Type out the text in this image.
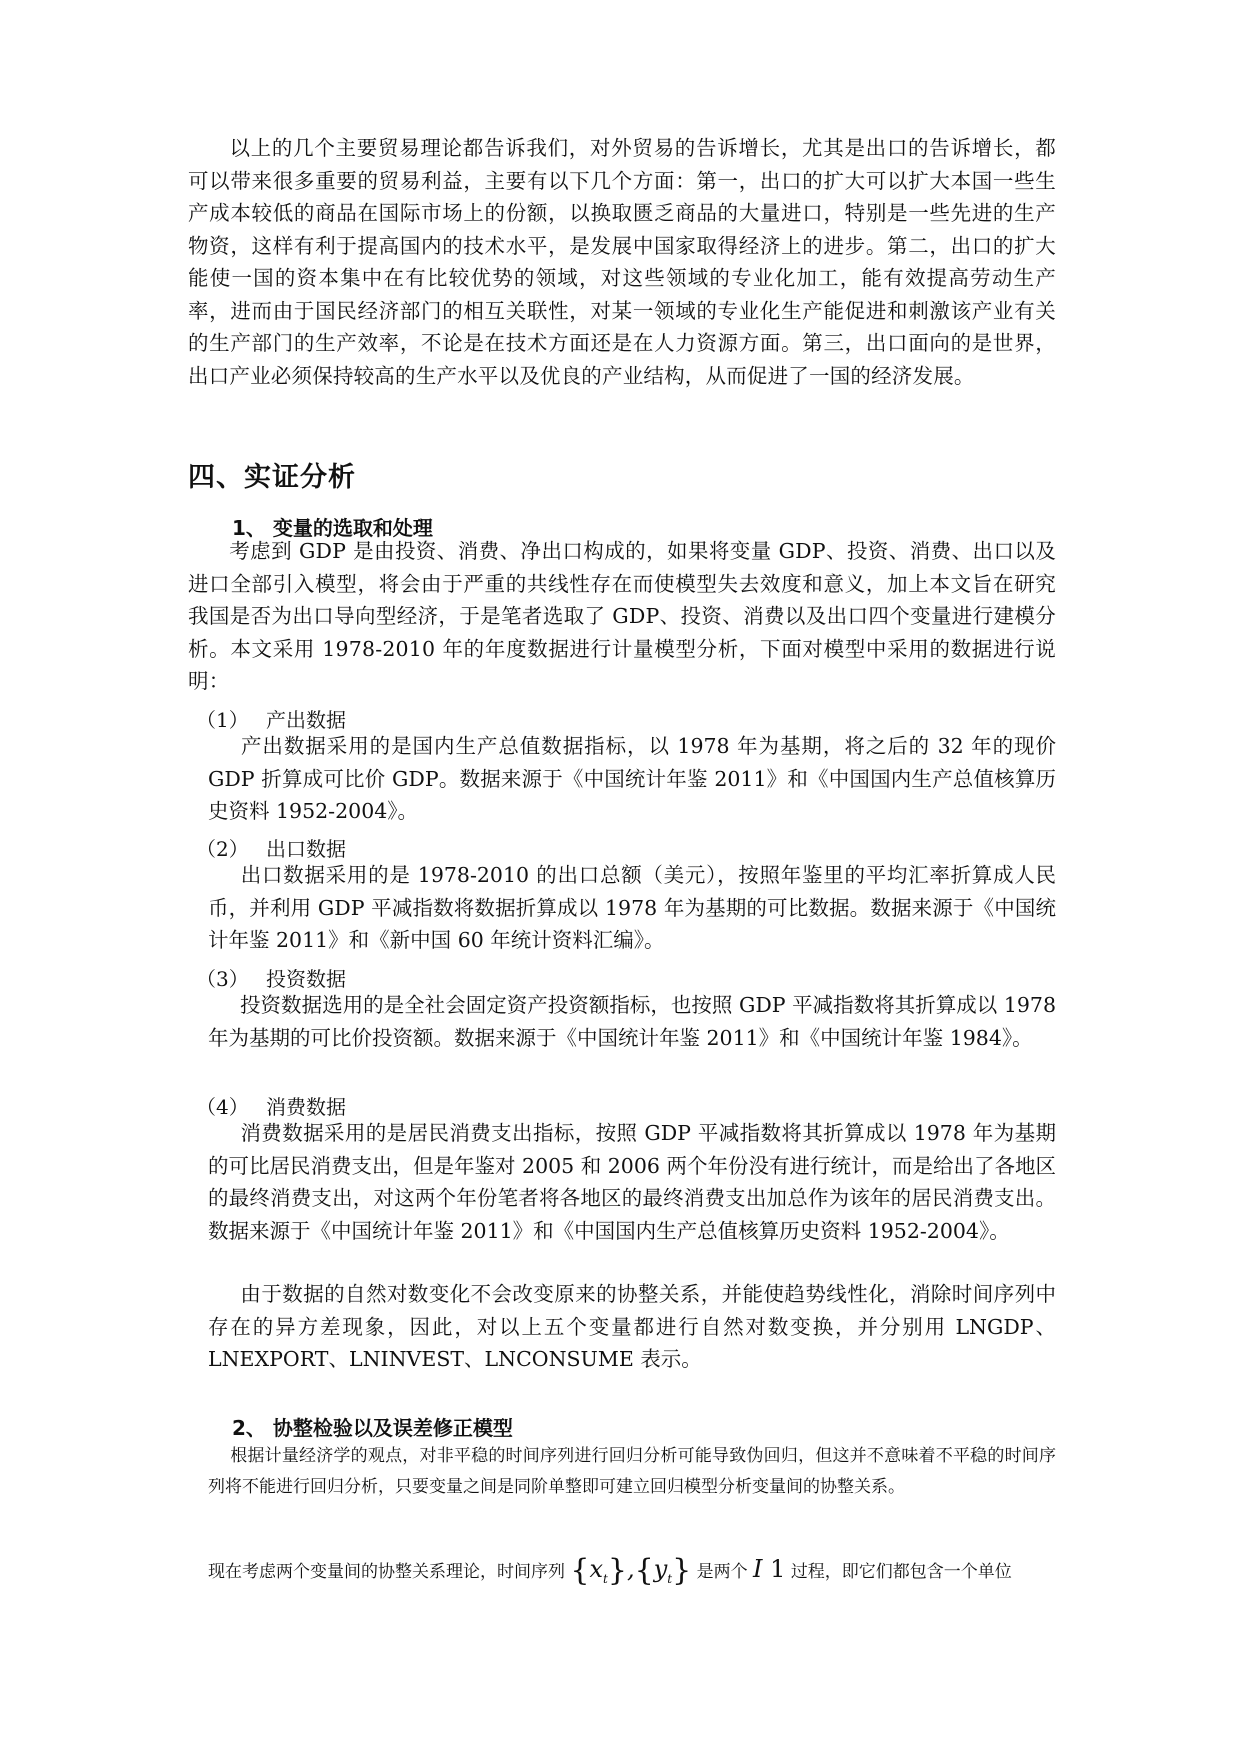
以上的几个主要贸易理论都告诉我们，对外贸易的告诉增长，尤其是出口的告诉增长，都可以带来很多重要的贸易利益，主要有以下几个方面：第一，出口的扩大可以扩大本国一些生产成本较低的商品在国际市场上的份额，以换取匮乏商品的大量进口，特别是一些先进的生产物资，这样有利于提高国内的技术水平，是发展中国家取得经济上的进步。第二，出口的扩大能使一国的资本集中在有比较优势的领域，对这些领域的专业化加工，能有效提高劳动生产率，进而由于国民经济部门的相互关联性，对某一领域的专业化生产能促进和刺激该产业有关的生产部门的生产效率，不论是在技术方面还是在人力资源方面。第三，出口面向的是世界，出口产业必须保持较高的生产水平以及优良的产业结构，从而促进了一国的经济发展。
四、实证分析
1、 变量的选取和处理
考虑到 GDP 是由投资、消费、净出口构成的，如果将变量 GDP、投资、消费、出口以及进口全部引入模型，将会由于严重的共线性存在而使模型失去效度和意义，加上本文旨在研究我国是否为出口导向型经济，于是笔者选取了 GDP、投资、消费以及出口四个变量进行建模分析。本文采用 1978-2010 年的年度数据进行计量模型分析，下面对模型中采用的数据进行说明：
（1） 产出数据
产出数据采用的是国内生产总值数据指标，以 1978 年为基期，将之后的 32 年的现价 GDP 折算成可比价 GDP。数据来源于《中国统计年鉴 2011》和《中国国内生产总值核算历史资料 1952-2004》。
（2） 出口数据
出口数据采用的是 1978-2010 的出口总额（美元），按照年鉴里的平均汇率折算成人民币，并利用 GDP 平减指数将数据折算成以 1978 年为基期的可比数据。数据来源于《中国统计年鉴 2011》和《新中国 60 年统计资料汇编》。
（3） 投资数据
投资数据选用的是全社会固定资产投资额指标，也按照 GDP 平减指数将其折算成以 1978 年为基期的可比价投资额。数据来源于《中国统计年鉴 2011》和《中国统计年鉴 1984》。
（4） 消费数据
消费数据采用的是居民消费支出指标，按照 GDP 平减指数将其折算成以 1978 年为基期的可比居民消费支出，但是年鉴对 2005 和 2006 两个年份没有进行统计，而是给出了各地区的最终消费支出，对这两个年份笔者将各地区的最终消费支出加总作为该年的居民消费支出。数据来源于《中国统计年鉴 2011》和《中国国内生产总值核算历史资料 1952-2004》。
由于数据的自然对数变化不会改变原来的协整关系，并能使趋势线性化，消除时间序列中存在的异方差现象，因此，对以上五个变量都进行自然对数变换，并分别用 LNGDP、LNEXPORT、LNINVEST、LNCONSUME 表示。
2、 协整检验以及误差修正模型
根据计量经济学的观点，对非平稳的时间序列进行回归分析可能导致伪回归，但这并不意味着不平稳的时间序列将不能进行回归分析，只要变量之间是同阶单整即可建立回归模型分析变量间的协整关系。
现在考虑两个变量间的协整关系理论，时间序列 $\{x_t\},\{y_t\}$ 是两个 I 1 过程，即它们都包含一个单位
